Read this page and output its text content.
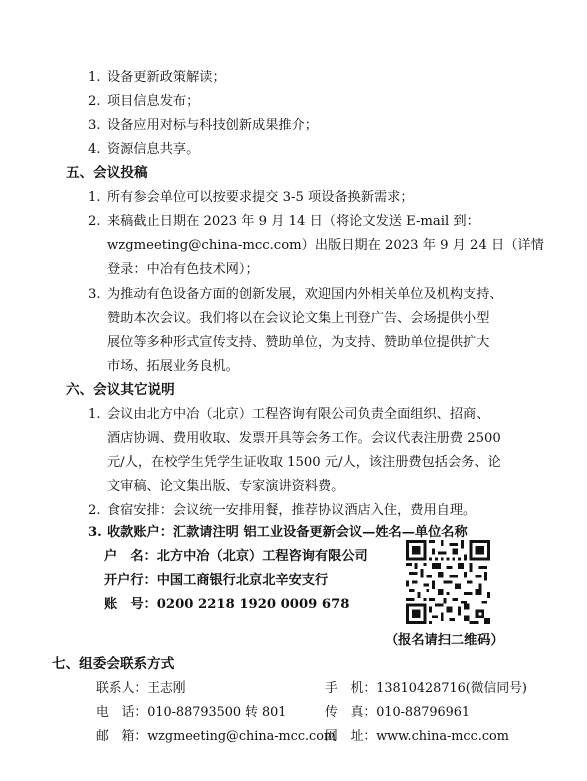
1. 设备更新政策解读；
2. 项目信息发布；
3. 设备应用对标与科技创新成果推介；
4. 资源信息共享。
五、会议投稿
1. 所有参会单位可以按要求提交 3-5 项设备换新需求；
2. 来稿截止日期在 2023 年 9 月 14 日（将论文发送 E-mail 到：
wzgmeeting@china-mcc.com）出版日期在 2023 年 9 月 24 日（详情
登录：中冶有色技术网）；
3. 为推动有色设备方面的创新发展，欢迎国内外相关单位及机构支持、
赞助本次会议。我们将以在会议论文集上刊登广告、会场提供小型
展位等多种形式宣传支持、赞助单位，为支持、赞助单位提供扩大
市场、拓展业务良机。
六、会议其它说明
1. 会议由北方中冶（北京）工程咨询有限公司负责全面组织、招商、
酒店协调、费用收取、发票开具等会务工作。会议代表注册费 2500
元/人，在校学生凭学生证收取 1500 元/人，该注册费包括会务、论
文审稿、论文集出版、专家演讲资料费。
2. 食宿安排：会议统一安排用餐，推荐协议酒店入住，费用自理。
3. 收款账户：汇款请注明 铝工业设备更新会议—姓名—单位名称
户　名：北方中冶（北京）工程咨询有限公司
开户行：中国工商银行北京北辛安支行
账　号：0200 2218 1920 0009 678
（报名请扫二维码）
七、组委会联系方式
联系人：王志刚
电　话：010-88793500 转 801
邮　箱：wzgmeeting@china-mcc.com
手　机：13810428716(微信同号)
传　真：010-88796961
网　址：www.china-mcc.com
